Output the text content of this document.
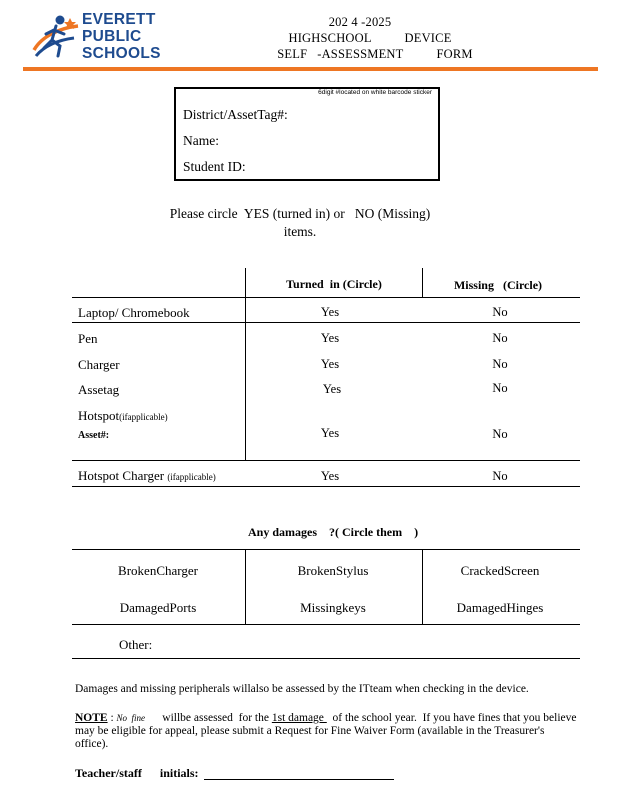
EVERETT
PUBLIC
SCHOOLS
202 4 -2025
HIGHSCHOOL          DEVICE
SELF   -ASSESSMENT          FORM
6digit #located on white barcode sticker
District/AssetTag#:
Name:
Student ID:
Please circle  YES (turned in) or   NO (Missing)
items.
Turned  in (Circle)	Missing   (Circle)
Laptop/ Chromebook	Yes	No
Pen	Yes	No
Charger	Yes	No
Assetag	Yes	No
Hotspot(ifapplicable)
Asset#:	Yes	No
Hotspot Charger (ifapplicable)	Yes	No
Any damages    ?( Circle them    )
BrokenCharger	BrokenStylus	CrackedScreen
DamagedPorts	Missingkeys	DamagedHinges
Other:
Damages and missing peripherals willalso be assessed by the ITteam when checking in the device.
NOTE : No  fine      willbe assessed  for the 1st damage   of the school year.  If you have fines that you believe
may be eligible for appeal, please submit a Request for Fine Waiver Form (available in the Treasurer's
office).
Teacher/staff      initials:
